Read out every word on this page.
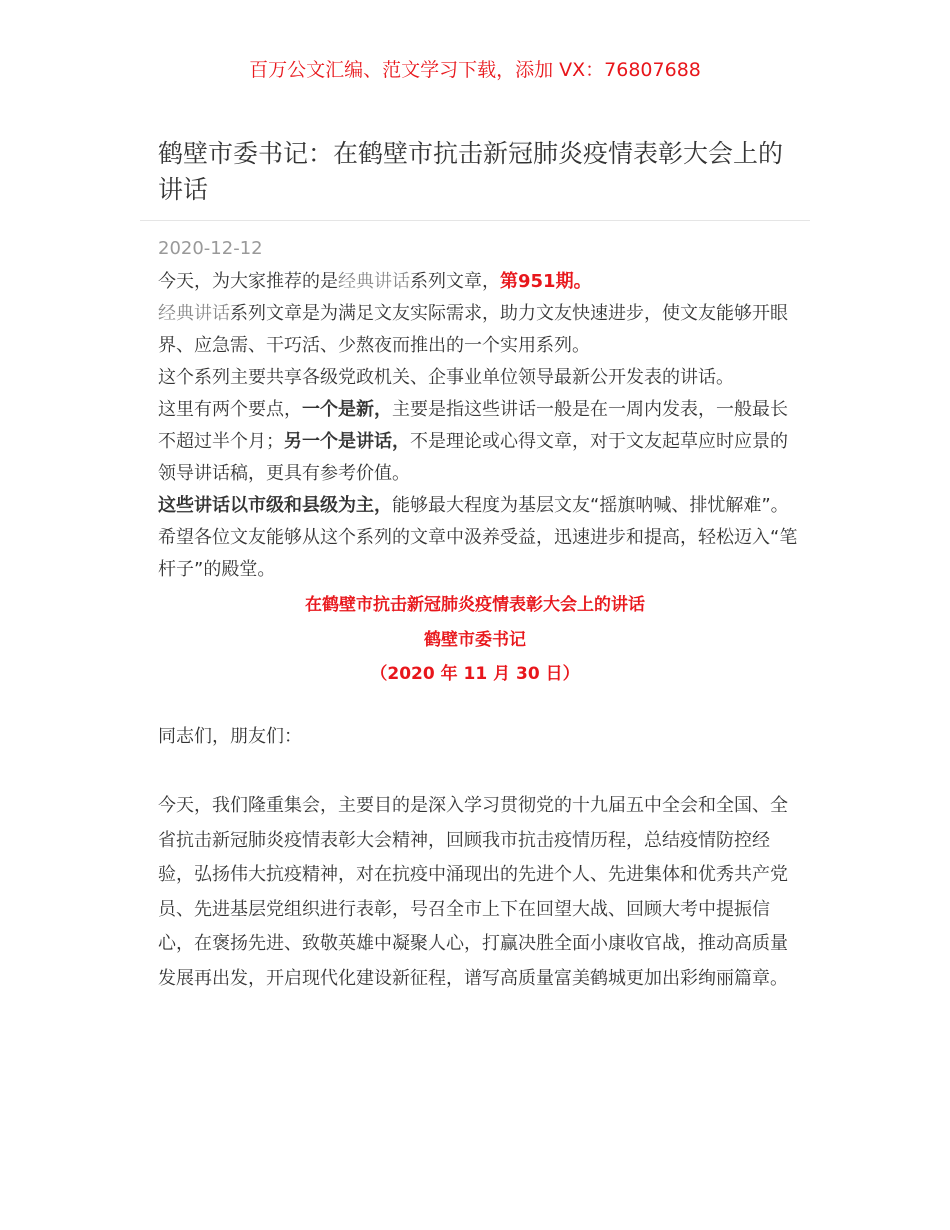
百万公文汇编、范文学习下载，添加 VX：76807688
鹤壁市委书记：在鹤壁市抗击新冠肺炎疫情表彰大会上的讲话
2020-12-12

今天，为大家推荐的是经典讲话系列文章，第951期。

经典讲话系列文章是为满足文友实际需求，助力文友快速进步，使文友能够开眼界、应急需、干巧活、少熬夜而推出的一个实用系列。

这个系列主要共享各级党政机关、企事业单位领导最新公开发表的讲话。

这里有两个要点，一个是新，主要是指这些讲话一般是在一周内发表，一般最长不超过半个月；另一个是讲话，不是理论或心得文章，对于文友起草应时应景的领导讲话稿，更具有参考价值。

这些讲话以市级和县级为主，能够最大程度为基层文友“摇旗呐喊、排忧解难”。希望各位文友能够从这个系列的文章中汲养受益，迅速进步和提高，轻松迈入“笔杆子”的殿堂。

在鹤壁市抗击新冠肺炎疫情表彰大会上的讲话
鹤壁市委书记
（2020 年 11 月 30 日）

同志们，朋友们：

今天，我们隆重集会，主要目的是深入学习贯彻党的十九届五中全会和全国、全省抗击新冠肺炎疫情表彰大会精神，回顾我市抗击疫情历程，总结疫情防控经验，弘扬伟大抗疫精神，对在抗疫中涌现出的先进个人、先进集体和优秀共产党员、先进基层党组织进行表彰，号召全市上下在回望大战、回顾大考中提振信心，在褒扬先进、致敬英雄中凝聚人心，打赢决胜全面小康收官战，推动高质量发展再出发，开启现代化建设新征程，谱写高质量富美鹤城更加出彩绚丽篇章。
